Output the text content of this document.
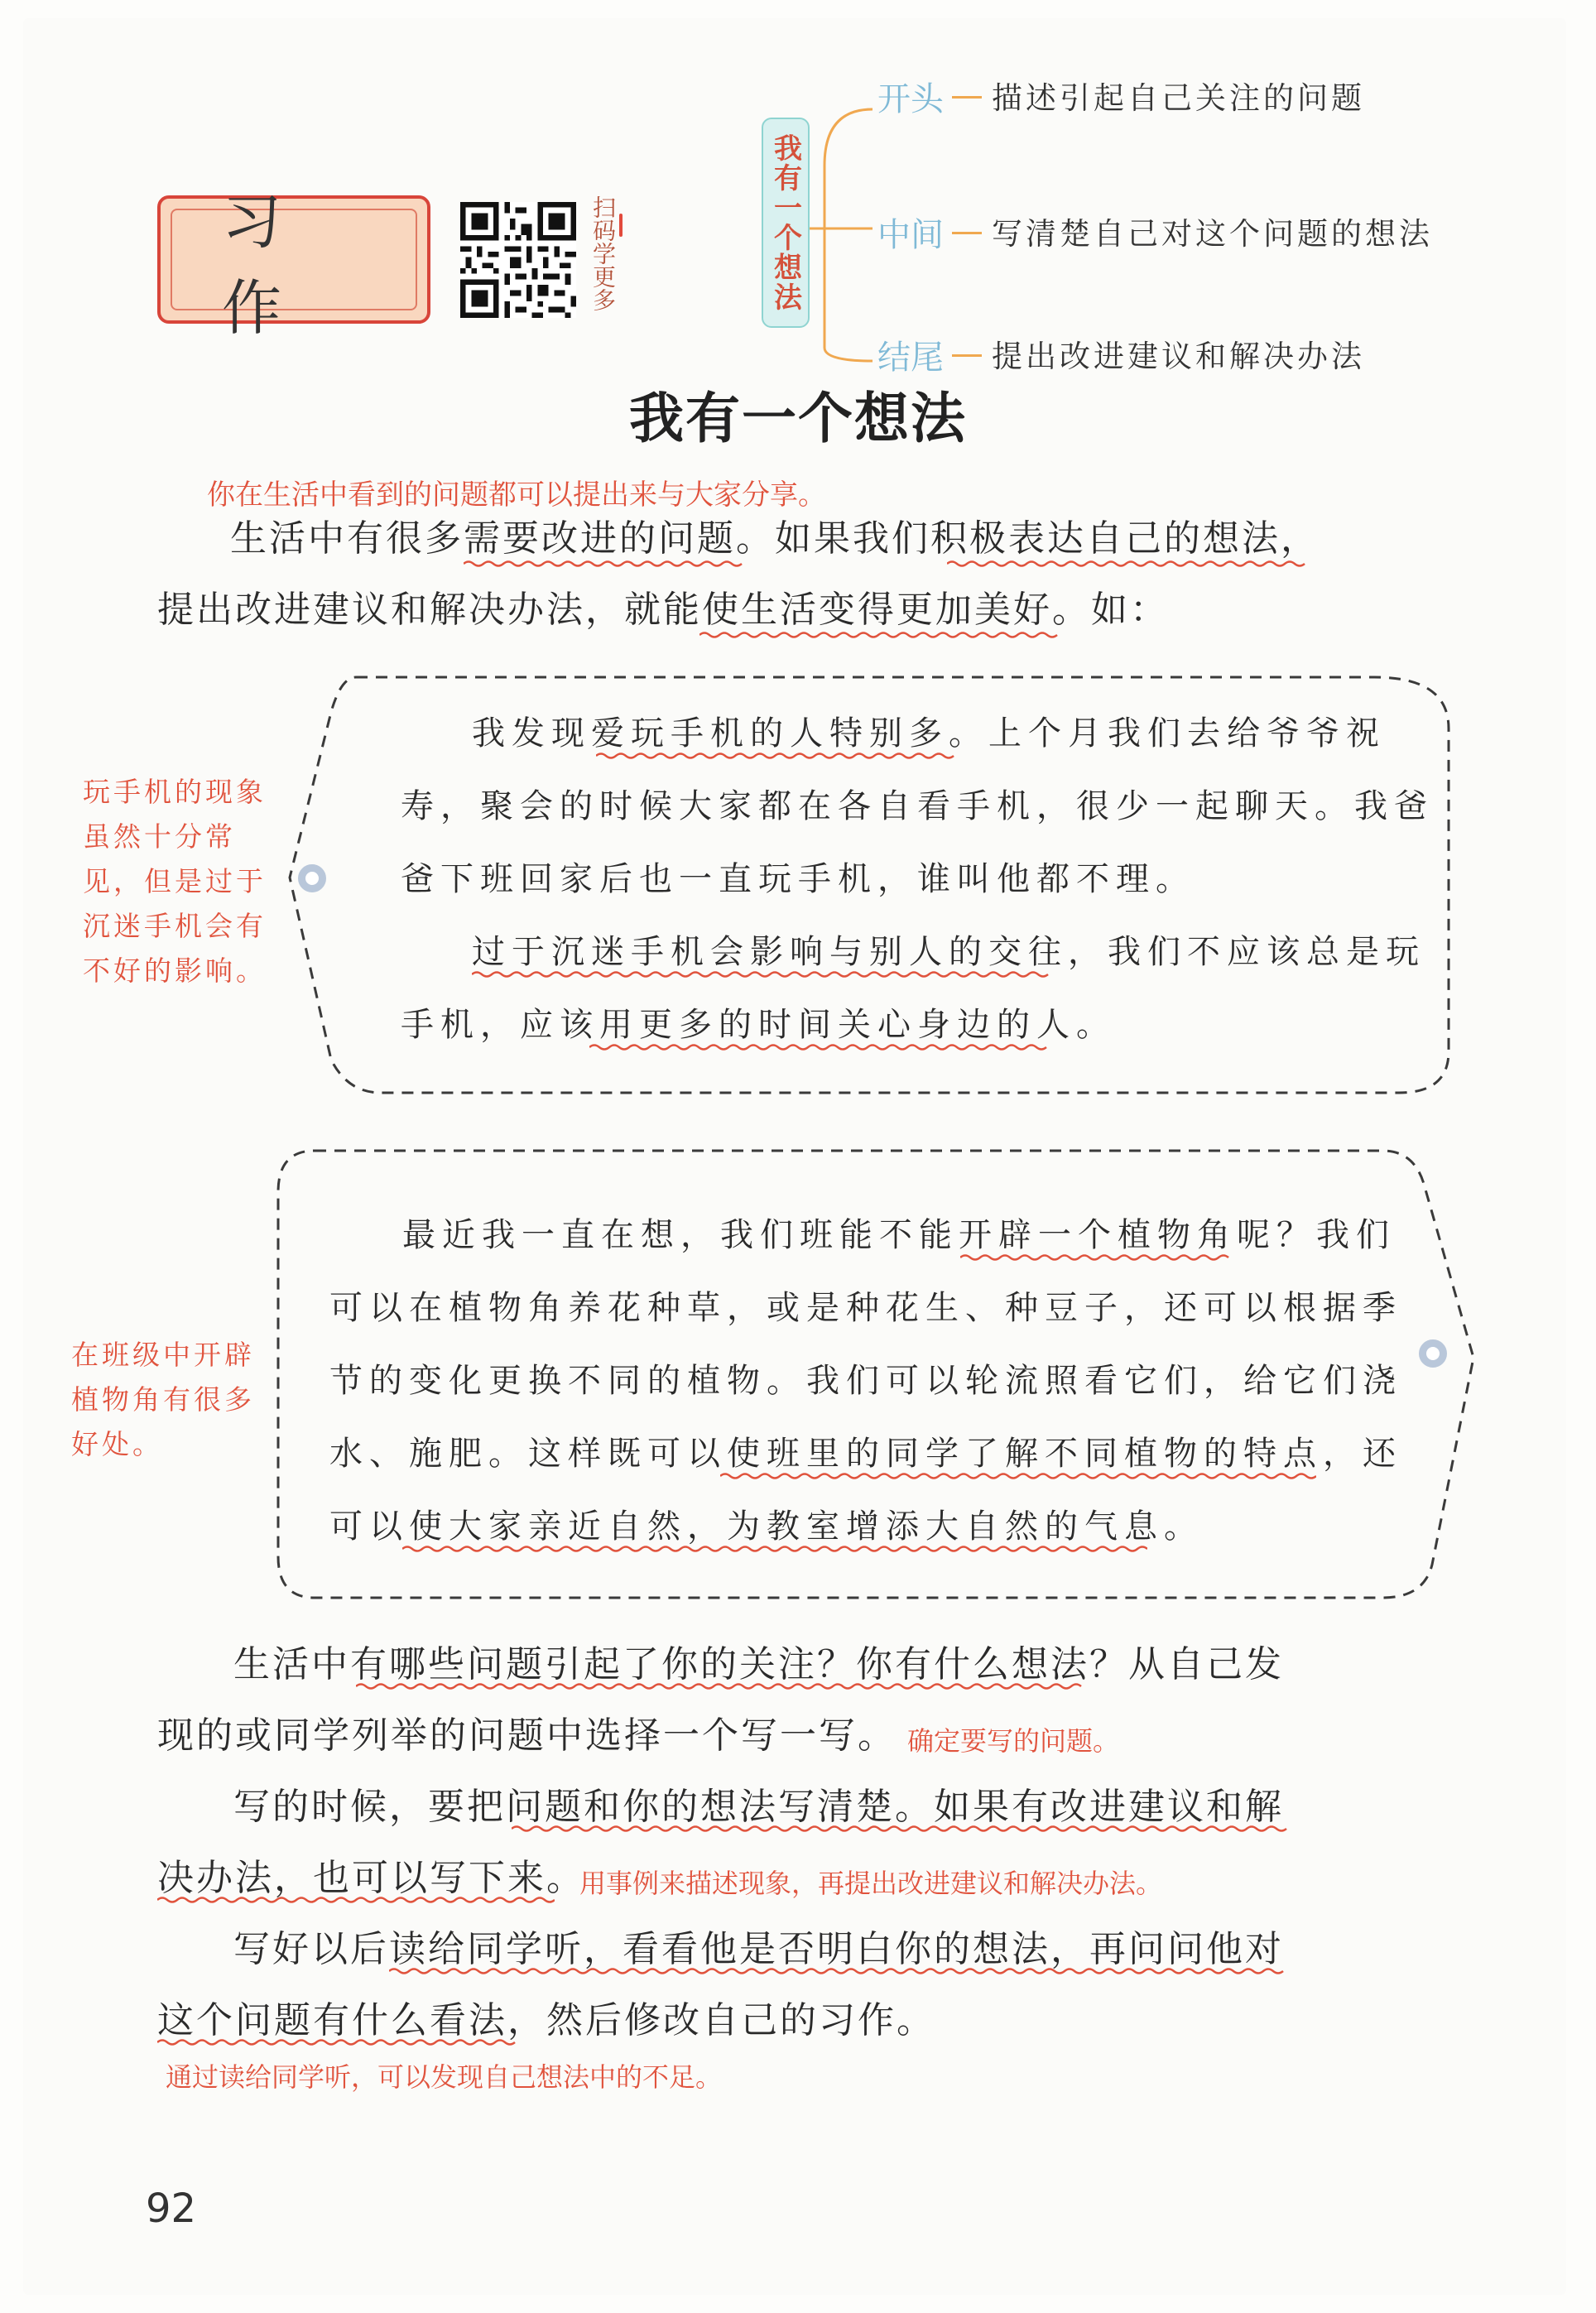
习 作	扫码学更多	我有一个想法
开头 描述引起自己关注的问题
中间 写清楚自己对这个问题的想法
结尾 提出改进建议和解决办法
我有一个想法
你在生活中看到的问题都可以提出来与大家分享。
生活中有很多需要改进的问题。如果我们积极表达自己的想法，
提出改进建议和解决办法，就能使生活变得更加美好。如：
玩手机的现象虽然十分常见，但是过于沉迷手机会有不好的影响。
我发现爱玩手机的人特别多。上个月我们去给爷爷祝
寿，聚会的时候大家都在各自看手机，很少一起聊天。我爸
爸下班回家后也一直玩手机，谁叫他都不理。
过于沉迷手机会影响与别人的交往，我们不应该总是玩
手机，应该用更多的时间关心身边的人。
在班级中开辟植物角有很多好处。
最近我一直在想，我们班能不能开辟一个植物角呢？我们
可以在植物角养花种草，或是种花生、种豆子，还可以根据季
节的变化更换不同的植物。我们可以轮流照看它们，给它们浇
水、施肥。这样既可以使班里的同学了解不同植物的特点，还
可以使大家亲近自然，为教室增添大自然的气息。
生活中有哪些问题引起了你的关注？你有什么想法？从自己发
现的或同学列举的问题中选择一个写一写。 确定要写的问题。
写的时候，要把问题和你的想法写清楚。如果有改进建议和解
决办法，也可以写下来。
用事例来描述现象，再提出改进建议和解决办法。
写好以后读给同学听，看看他是否明白你的想法，再问问他对
这个问题有什么看法，然后修改自己的习作。
通过读给同学听，可以发现自己想法中的不足。
92
